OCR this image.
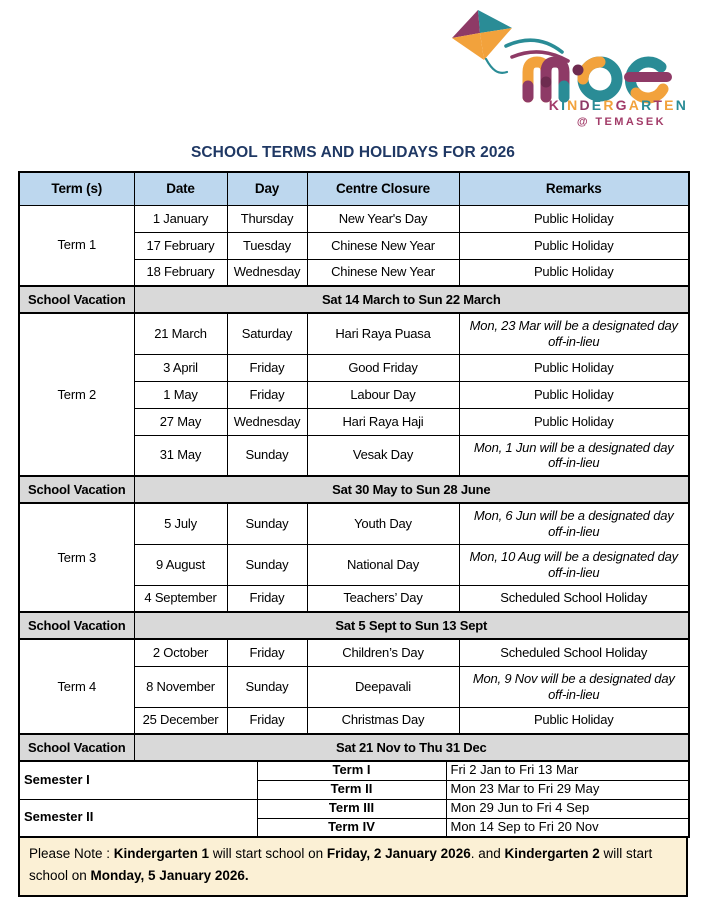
KINDERGARTEN
@ TEMASEK
SCHOOL TERMS AND HOLIDAYS FOR 2026
Term (s)	Date	Day	Centre Closure	Remarks
Term 1	1 January	Thursday	New Year's Day	Public Holiday
	17 February	Tuesday	Chinese New Year	Public Holiday
	18 February	Wednesday	Chinese New Year	Public Holiday
School Vacation	Sat 14 March to Sun 22 March			
Term 2	21 March	Saturday	Hari Raya Puasa	Mon, 23 Mar will be a designated day off-in-lieu
	3 April	Friday	Good Friday	Public Holiday
	1 May	Friday	Labour Day	Public Holiday
	27 May	Wednesday	Hari Raya Haji	Public Holiday
	31 May	Sunday	Vesak Day	Mon, 1 Jun will be a designated day off-in-lieu
School Vacation	Sat 30 May to Sun 28 June			
Term 3	5 July	Sunday	Youth Day	Mon, 6 Jun will be a designated day off-in-lieu
	9 August	Sunday	National Day	Mon, 10 Aug will be a designated day off-in-lieu
	4 September	Friday	Teachers’ Day	Scheduled School Holiday
School Vacation	Sat 5 Sept to Sun 13 Sept			
Term 4	2 October	Friday	Children’s Day	Scheduled School Holiday
	8 November	Sunday	Deepavali	Mon, 9 Nov will be a designated day off-in-lieu
	25 December	Friday	Christmas Day	Public Holiday
School Vacation	Sat 21 Nov to Thu 31 Dec			
Semester I	Term I	Fri 2 Jan to Fri 13 Mar
	Term II	Mon 23 Mar to Fri 29 May
Semester II	Term III	Mon 29 Jun to Fri 4 Sep
	Term IV	Mon 14 Sep to Fri 20 Nov
Please Note : Kindergarten 1 will start school on Friday, 2 January 2026. and Kindergarten 2 will start school on Monday, 5 January 2026.
